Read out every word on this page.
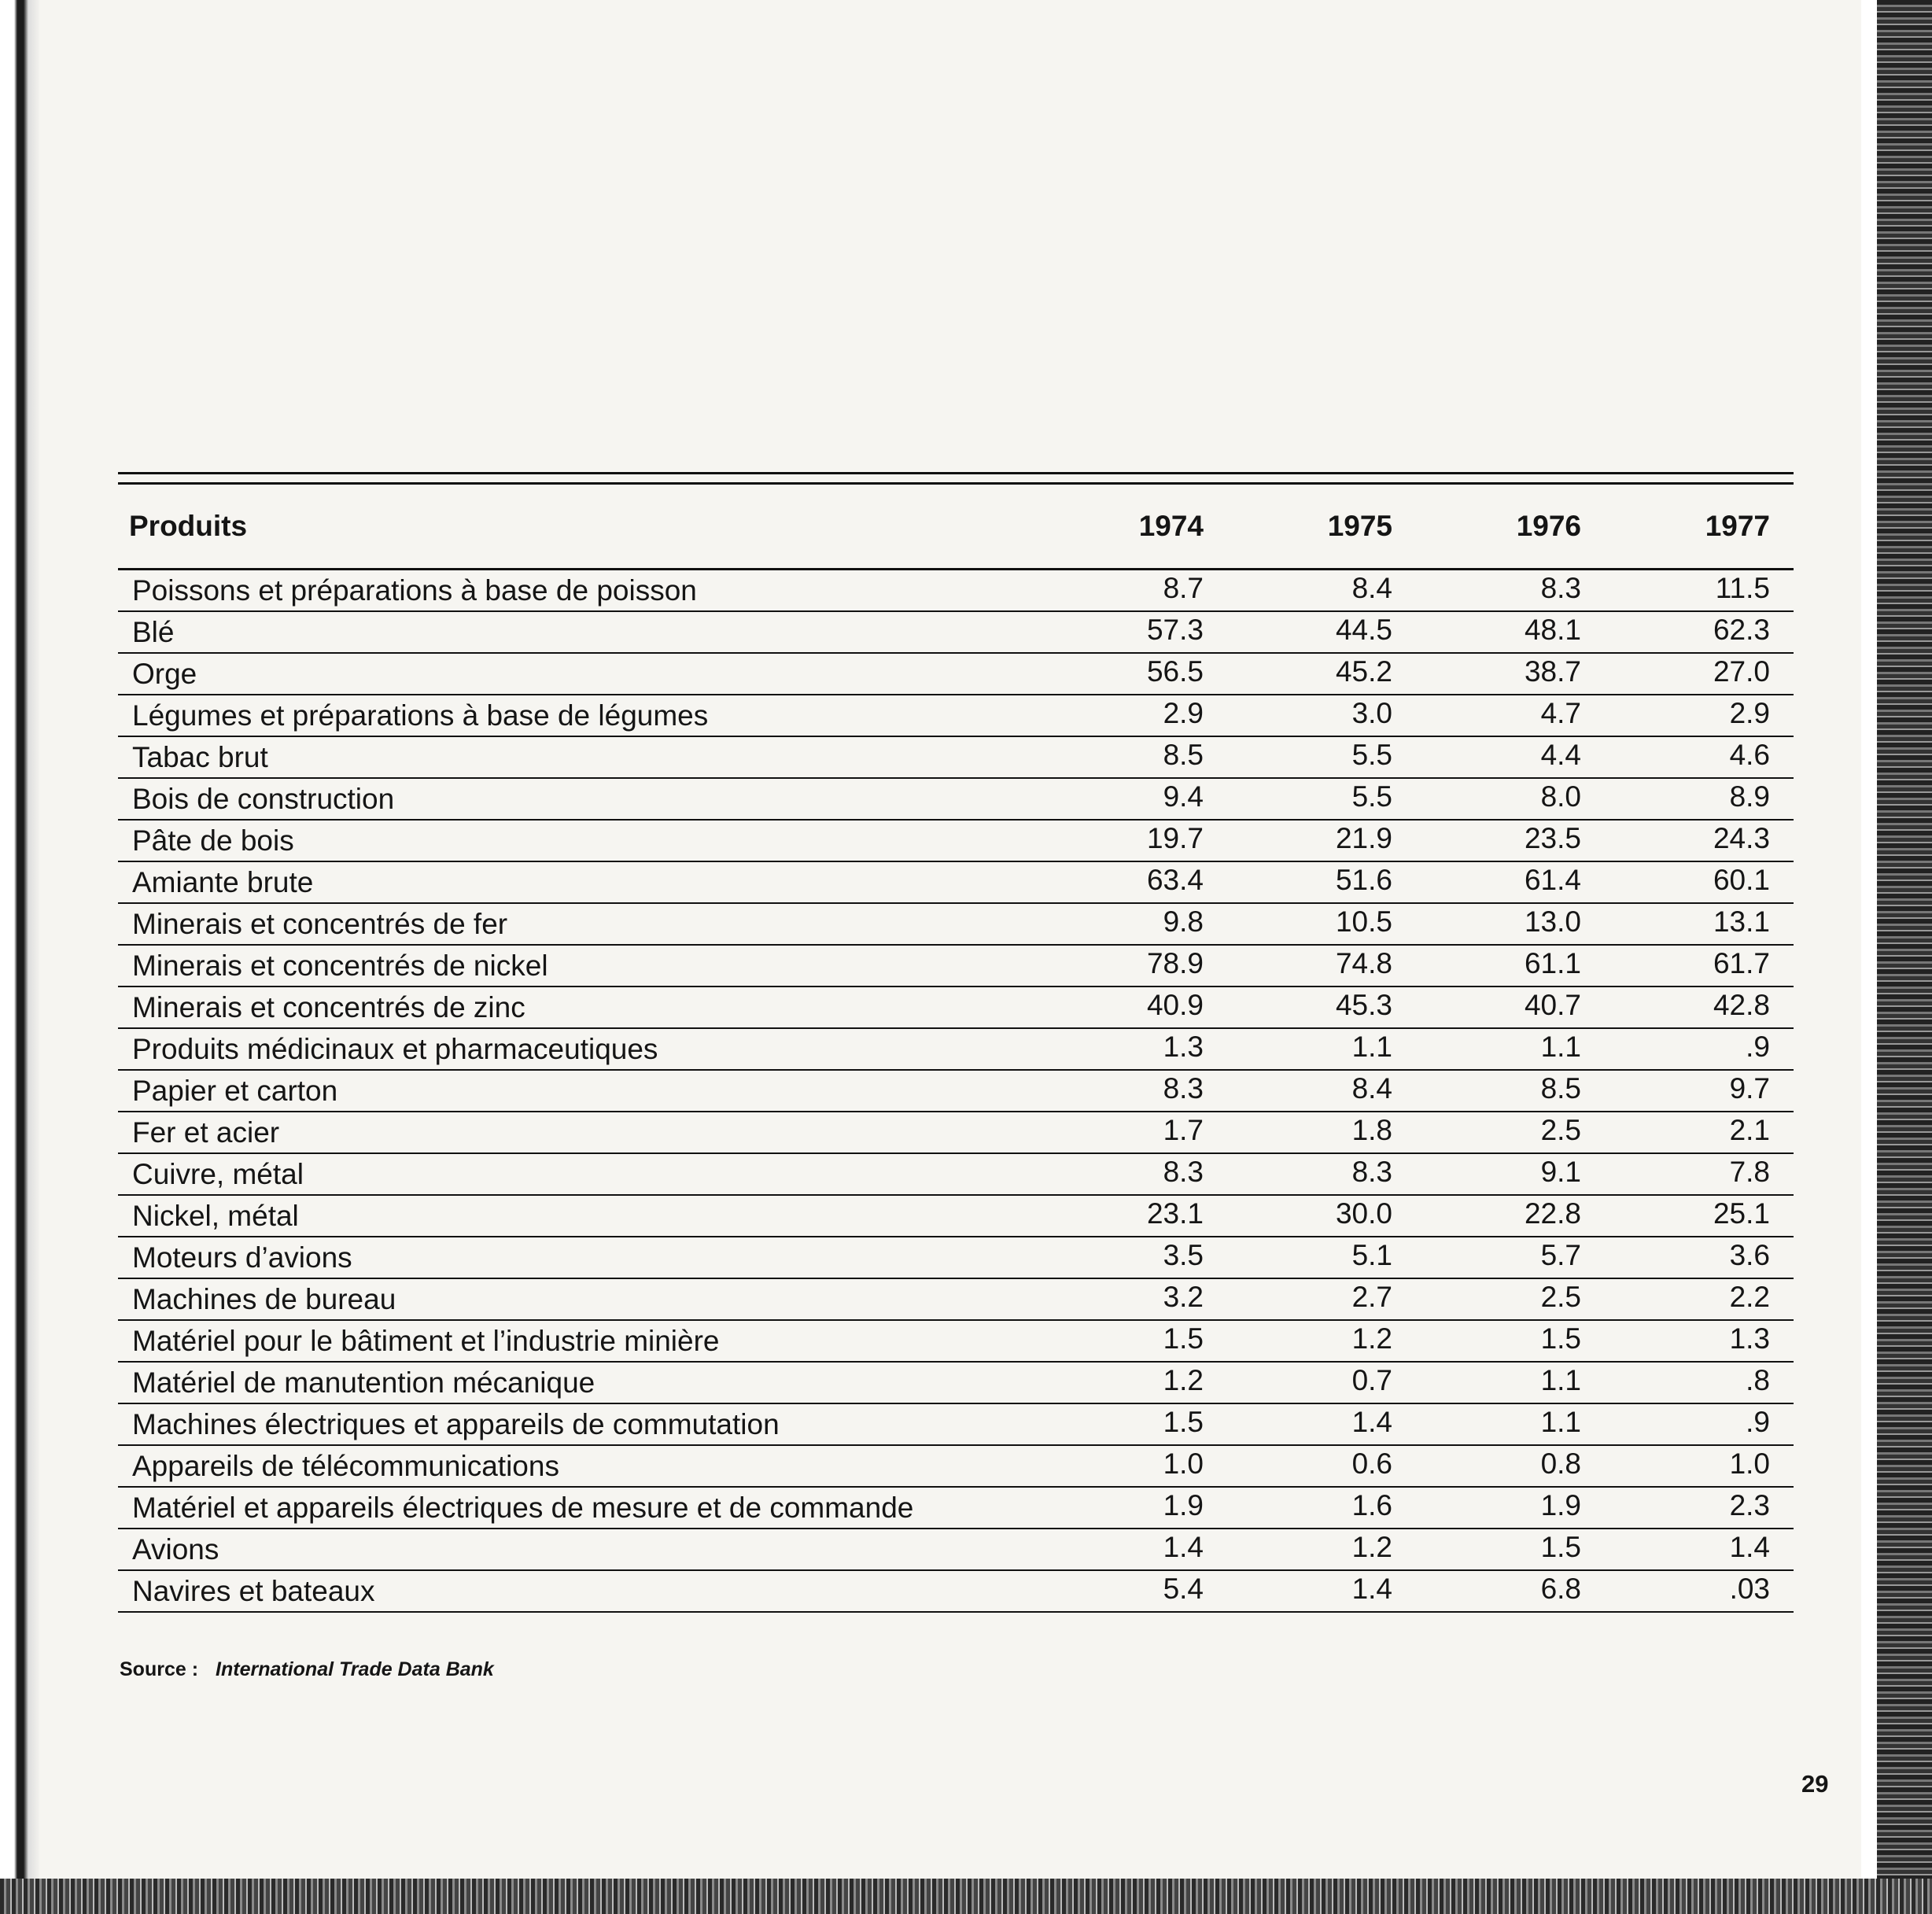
Produits	1974	1975	1976	1977
Poissons et préparations à base de poisson	8.7	8.4	8.3	11.5
Blé	57.3	44.5	48.1	62.3
Orge	56.5	45.2	38.7	27.0
Légumes et préparations à base de légumes	2.9	3.0	4.7	2.9
Tabac brut	8.5	5.5	4.4	4.6
Bois de construction	9.4	5.5	8.0	8.9
Pâte de bois	19.7	21.9	23.5	24.3
Amiante brute	63.4	51.6	61.4	60.1
Minerais et concentrés de fer	9.8	10.5	13.0	13.1
Minerais et concentrés de nickel	78.9	74.8	61.1	61.7
Minerais et concentrés de zinc	40.9	45.3	40.7	42.8
Produits médicinaux et pharmaceutiques	1.3	1.1	1.1	.9
Papier et carton	8.3	8.4	8.5	9.7
Fer et acier	1.7	1.8	2.5	2.1
Cuivre, métal	8.3	8.3	9.1	7.8
Nickel, métal	23.1	30.0	22.8	25.1
Moteurs d’avions	3.5	5.1	5.7	3.6
Machines de bureau	3.2	2.7	2.5	2.2
Matériel pour le bâtiment et l’industrie minière	1.5	1.2	1.5	1.3
Matériel de manutention mécanique	1.2	0.7	1.1	.8
Machines électriques et appareils de commutation	1.5	1.4	1.1	.9
Appareils de télécommunications	1.0	0.6	0.8	1.0
Matériel et appareils électriques de mesure et de commande	1.9	1.6	1.9	2.3
Avions	1.4	1.2	1.5	1.4
Navires et bateaux	5.4	1.4	6.8	.03
Source : International Trade Data Bank
29
